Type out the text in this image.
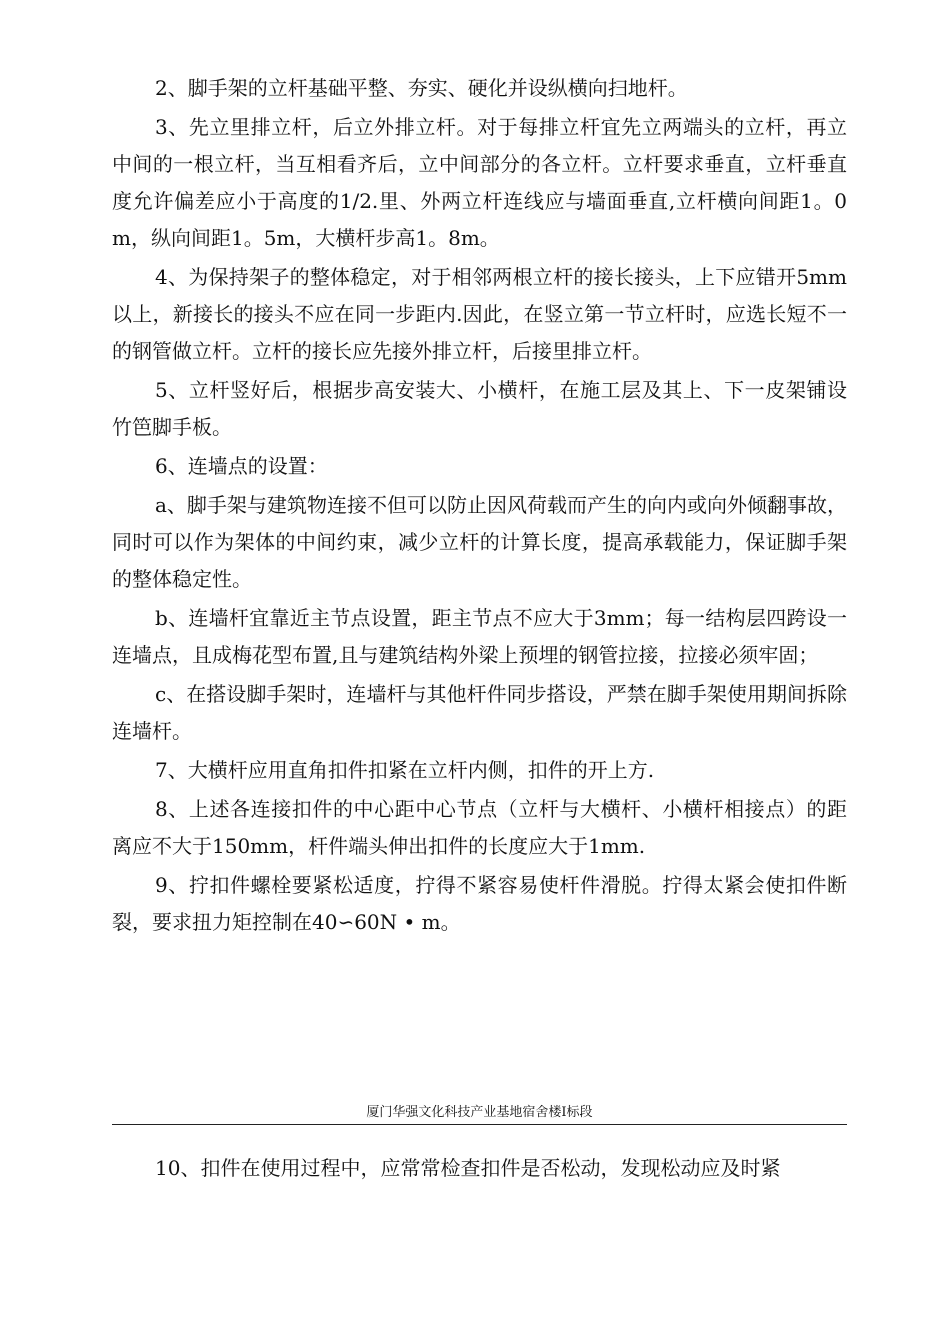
2、脚手架的立杆基础平整、夯实、硬化并设纵横向扫地杆。

3、先立里排立杆，后立外排立杆。对于每排立杆宜先立两端头的立杆，再立中间的一根立杆，当互相看齐后，立中间部分的各立杆。立杆要求垂直，立杆垂直度允许偏差应小于高度的1/2.里、外两立杆连线应与墙面垂直,立杆横向间距1。0m，纵向间距1。5m，大横杆步高1。8m。

4、为保持架子的整体稳定，对于相邻两根立杆的接长接头，上下应错开5mm以上，新接长的接头不应在同一步距内.因此，在竖立第一节立杆时，应选长短不一的钢管做立杆。立杆的接长应先接外排立杆，后接里排立杆。

5、立杆竖好后，根据步高安装大、小横杆，在施工层及其上、下一皮架铺设竹笆脚手板。

6、连墙点的设置：

a、脚手架与建筑物连接不但可以防止因风荷载而产生的向内或向外倾翻事故，同时可以作为架体的中间约束，减少立杆的计算长度，提高承载能力，保证脚手架的整体稳定性。

b、连墙杆宜靠近主节点设置，距主节点不应大于3mm；每一结构层四跨设一连墙点，且成梅花型布置,且与建筑结构外梁上预埋的钢管拉接，拉接必须牢固；

c、在搭设脚手架时，连墙杆与其他杆件同步搭设，严禁在脚手架使用期间拆除连墙杆。

7、大横杆应用直角扣件扣紧在立杆内侧，扣件的开上方.

8、上述各连接扣件的中心距中心节点（立杆与大横杆、小横杆相接点）的距离应不大于150mm，杆件端头伸出扣件的长度应大于1mm.

9、拧扣件螺栓要紧松适度，拧得不紧容易使杆件滑脱。拧得太紧会使扣件断裂，要求扭力矩控制在40∽60N • m。

厦门华强文化科技产业基地宿舍楼Ⅰ标段

10、扣件在使用过程中，应常常检查扣件是否松动，发现松动应及时紧
